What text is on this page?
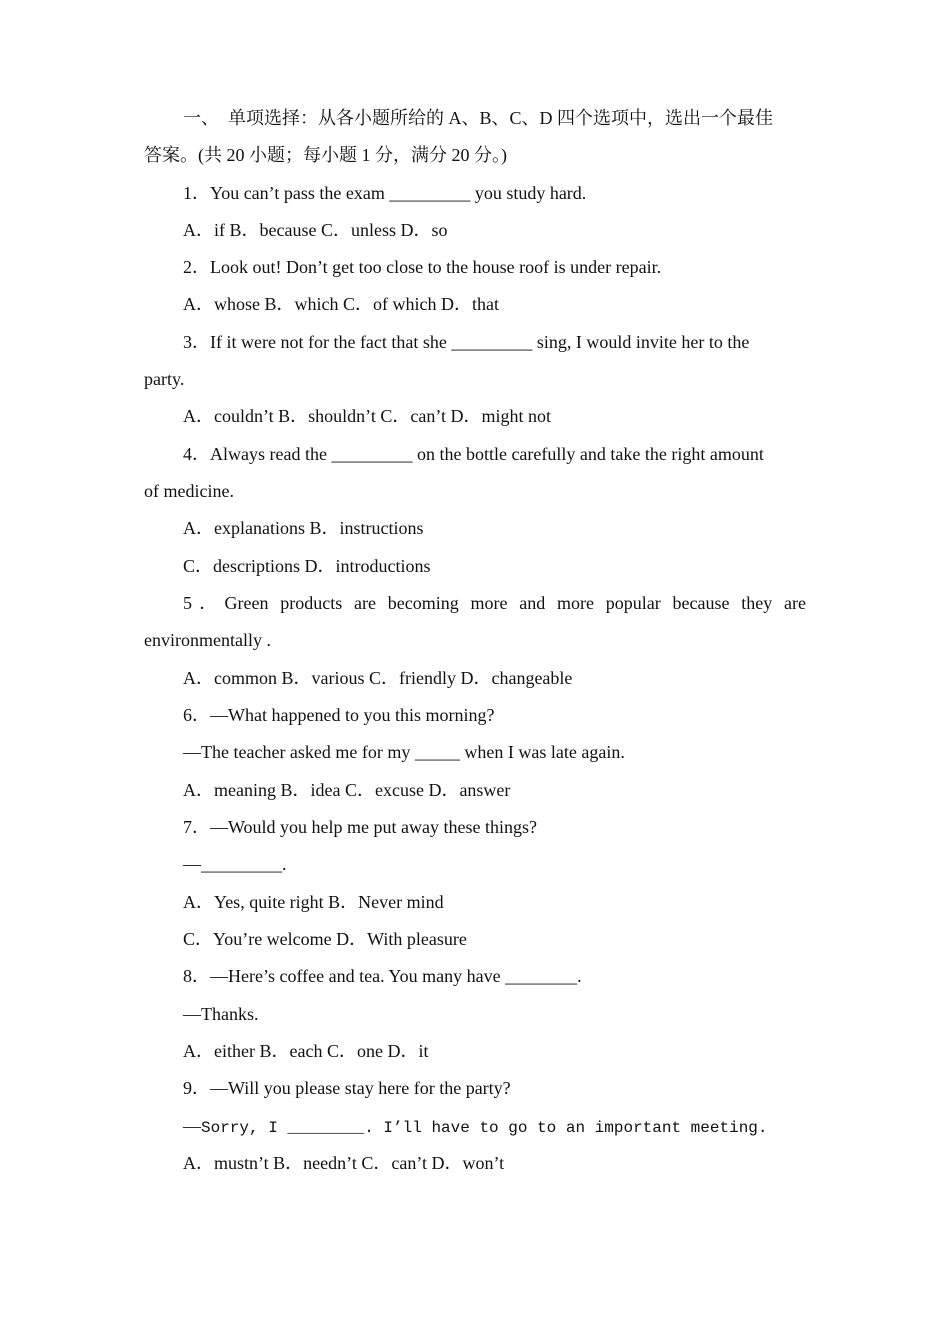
一、  单项选择：从各小题所给的 A、B、C、D 四个选项中，选出一个最佳
答案。(共 20 小题；每小题 1 分，满分 20 分。)
1．You can’t pass the exam _________ you study hard.
A．if B．because C．unless D．so
2．Look out! Don’t get too close to the house roof is under repair.
A．whose B．which C．of which D．that
3．If it were not for the fact that she _________ sing, I would invite her to the
party.
A．couldn’t B．shouldn’t C．can’t D．might not
4．Always read the _________ on the bottle carefully and take the right amount
of medicine.
A．explanations B．instructions
C．descriptions D．introductions
5．Green products are becoming more and more popular because they are
environmentally .
A．common B．various C．friendly D．changeable
6．—What happened to you this morning?
—The teacher asked me for my _____ when I was late again.
A．meaning B．idea C．excuse D．answer
7．—Would you help me put away these things?
—_________.
A．Yes, quite right B．Never mind
C．You’re welcome D．With pleasure
8．—Here’s coffee and tea. You many have ________.
—Thanks.
A．either B．each C．one D．it
9．—Will you please stay here for the party?
—Sorry, I ________. I’ll have to go to an important meeting.
A．mustn’t B．needn’t C．can’t D．won’t
